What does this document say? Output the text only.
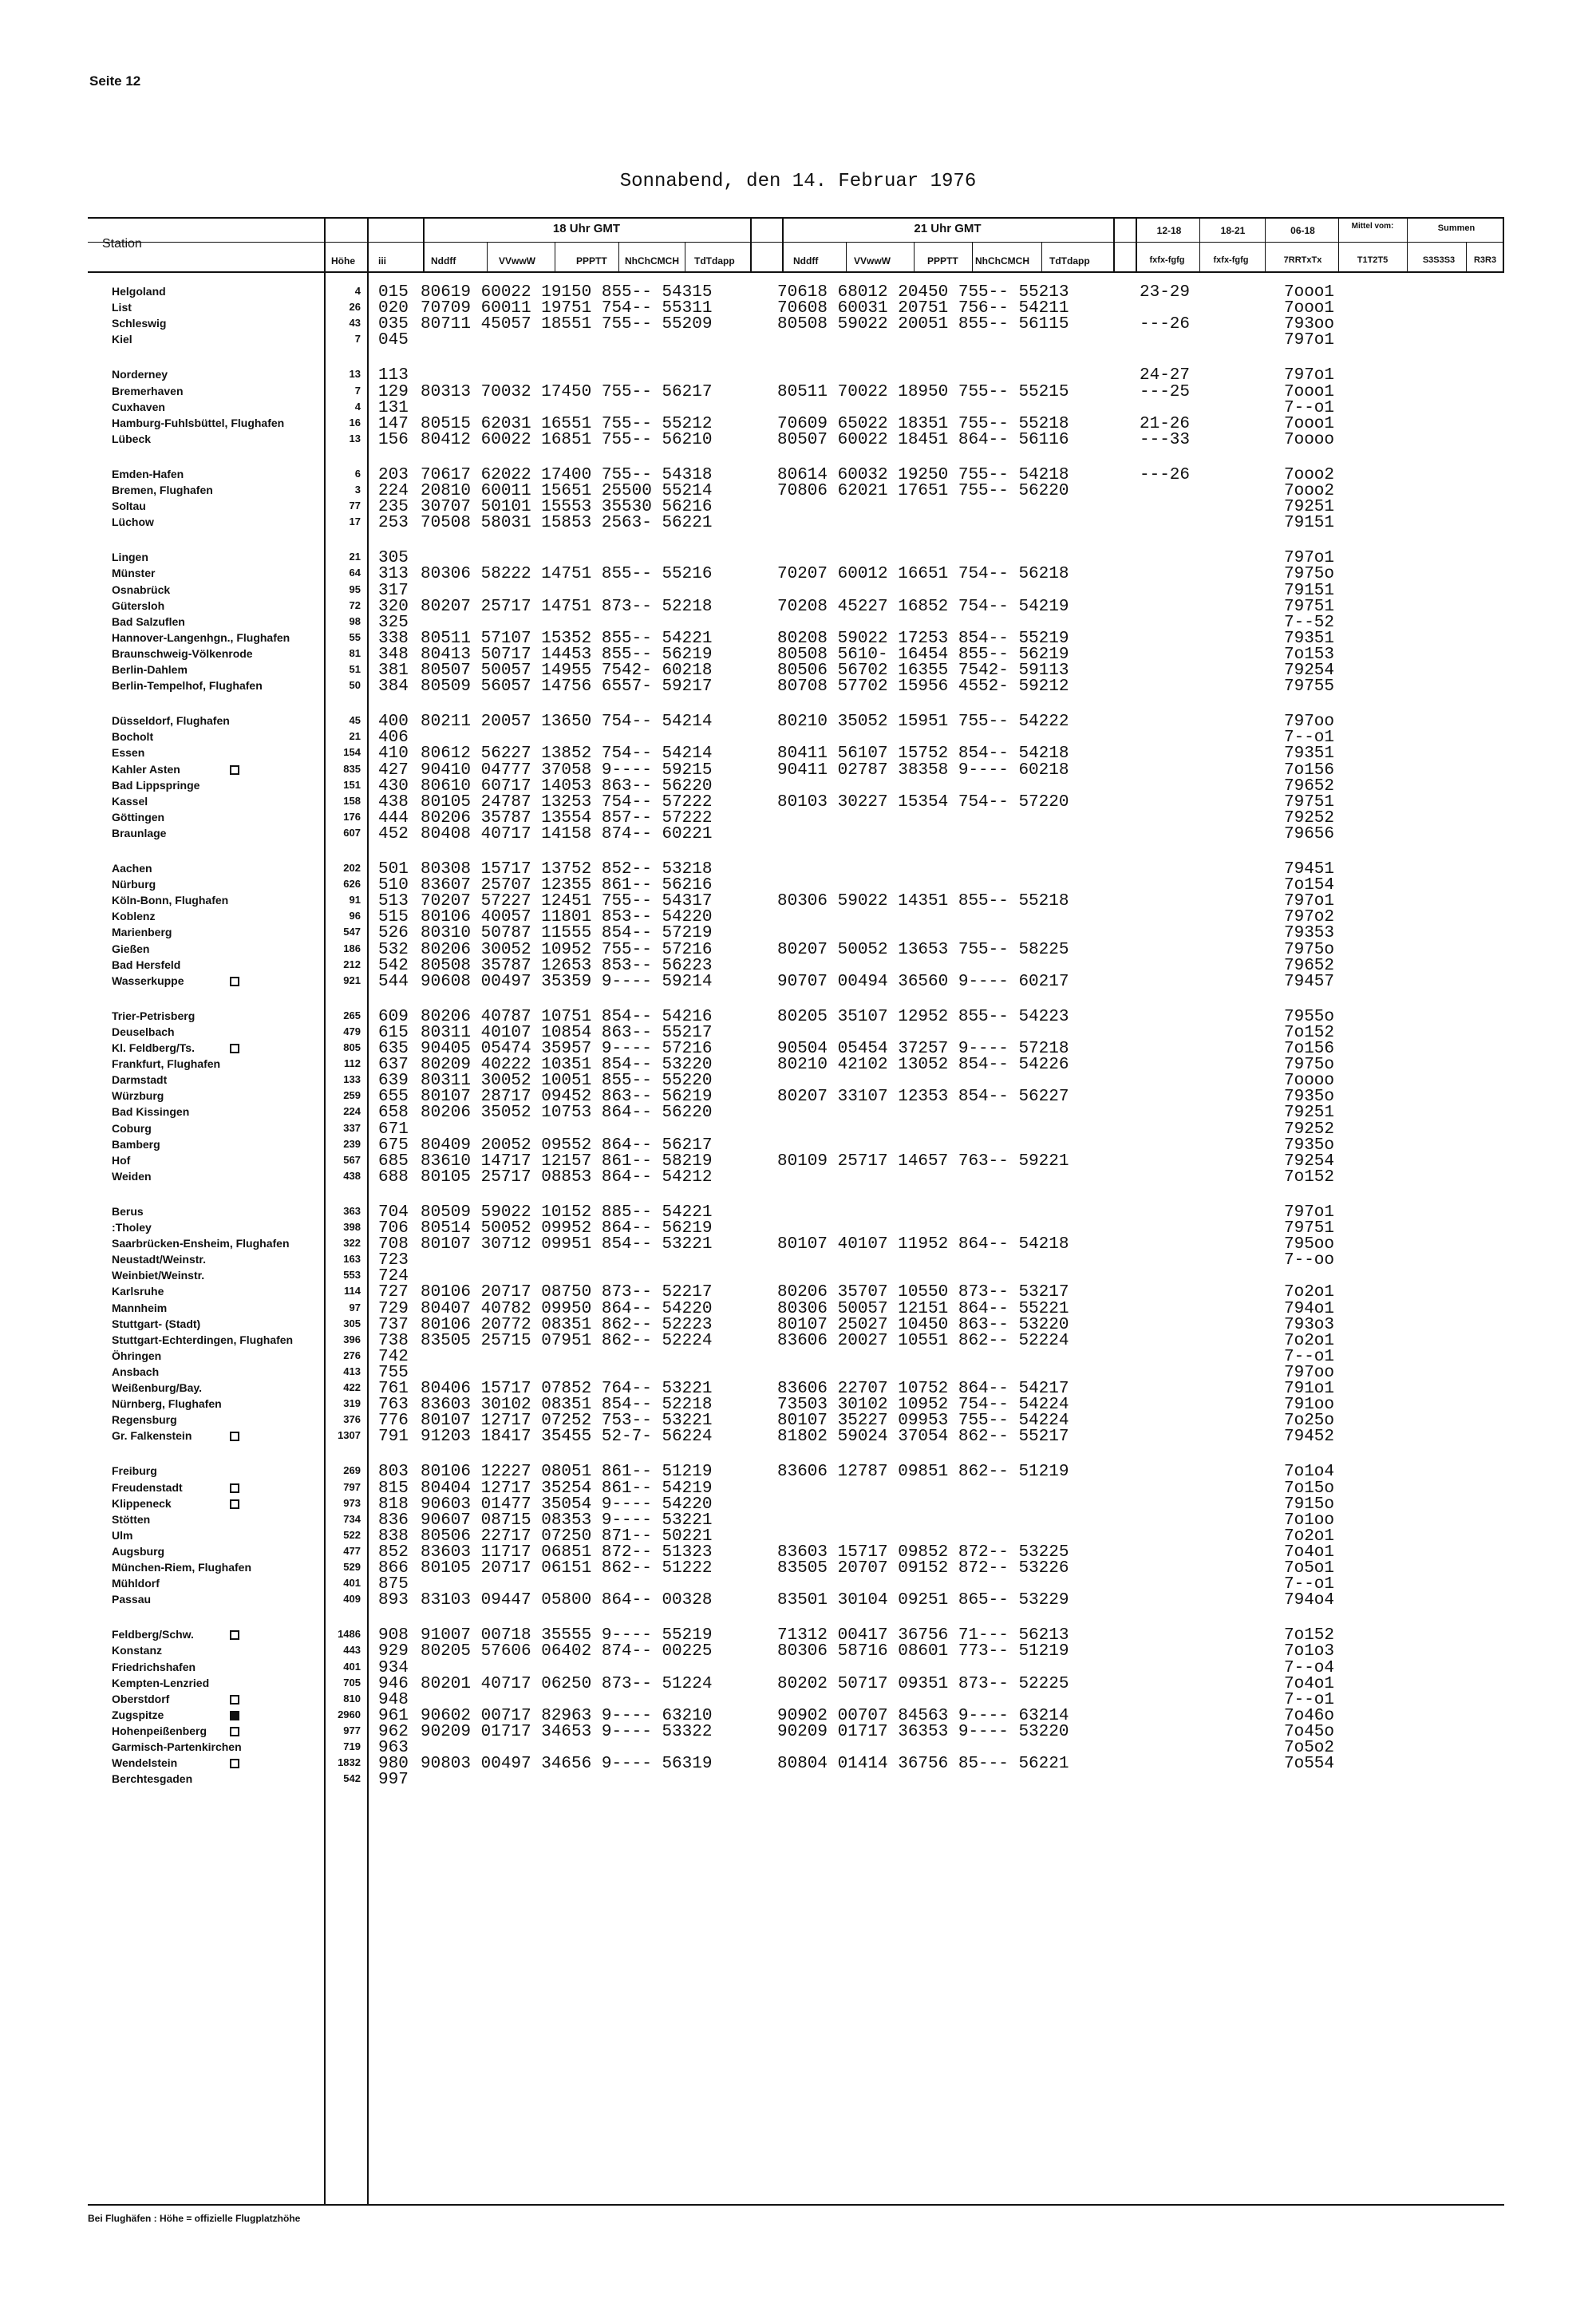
Seite 12
Sonnabend, den 14. Februar 1976
Station
Höhe iii
18 Uhr GMT
Nddff	VVwwW	PPPTT NhChCMCH TdTdapp
21 Uhr GMT
Nddff	VVwwW	PPPTT NhChCMCH TdTdapp
12-18
fxfx-fgfg
18-21
fxfx-fgfg
06-18
7RRTxTx
Mittel vom:
T1T2T5
Summen
S3S3S3	R3R3
Helgoland	4 015 80619 60022 19150 855-- 54315	70618 68012 20450 755-- 55213	23-29	7ooo1
List	26 020 70709 60011 19751 754-- 55311	70608 60031 20751 756-- 54211	7ooo1
Schleswig	43 035 80711 45057 18551 755-- 55209	80508 59022 20051 855-- 56115	---26	793oo
Kiel	7 045	797o1
Norderney	13 113	24-27	797o1
Bremerhaven	7 129 80313 70032 17450 755-- 56217	80511 70022 18950 755-- 55215	---25	7ooo1
Cuxhaven	4 131	7--o1
Hamburg-Fuhlsbüttel, Flughafen	16 147 80515 62031 16551 755-- 55212	70609 65022 18351 755-- 55218	21-26	7ooo1
Lübeck	13 156 80412 60022 16851 755-- 56210	80507 60022 18451 864-- 56116	---33	7oooo
Emden-Hafen	6 203 70617 62022 17400 755-- 54318	80614 60032 19250 755-- 54218	---26	7ooo2
Bremen, Flughafen	3 224 20810 60011 15651 25500 55214	70806 62021 17651 755-- 56220	7ooo2
Soltau	77 235 30707 50101 15553 35530 56216	79251
Lüchow	17 253 70508 58031 15853 2563- 56221	79151
Lingen	21 305	797o1
Münster	64 313 80306 58222 14751 855-- 55216	70207 60012 16651 754-- 56218	7975o
Osnabrück	95 317	79151
Gütersloh	72 320 80207 25717 14751 873-- 52218	70208 45227 16852 754-- 54219	79751
Bad Salzuflen	98 325	7--52
Hannover-Langenhgn., Flughafen	55 338 80511 57107 15352 855-- 54221	80208 59022 17253 854-- 55219	79351
Braunschweig-Völkenrode	81 348 80413 50717 14453 855-- 56219	80508 5610- 16454 855-- 56219	7o153
Berlin-Dahlem	51 381 80507 50057 14955 7542- 60218	80506 56702 16355 7542- 59113	79254
Berlin-Tempelhof, Flughafen	50 384 80509 56057 14756 6557- 59217	80708 57702 15956 4552- 59212	79755
Düsseldorf, Flughafen	45 400 80211 20057 13650 754-- 54214	80210 35052 15951 755-- 54222	797oo
Bocholt	21 406	7--o1
Essen	154 410 80612 56227 13852 754-- 54214	80411 56107 15752 854-- 54218	79351
Kahler Asten	835 427 90410 04777 37058 9---- 59215	90411 02787 38358 9---- 60218	7o156
Bad Lippspringe	151 430 80610 60717 14053 863-- 56220	79652
Kassel	158 438 80105 24787 13253 754-- 57222	80103 30227 15354 754-- 57220	79751
Göttingen	176 444 80206 35787 13554 857-- 57222	79252
Braunlage	607 452 80408 40717 14158 874-- 60221	79656
Aachen	202 501 80308 15717 13752 852-- 53218	79451
Nürburg	626 510 83607 25707 12355 861-- 56216	7o154
Köln-Bonn, Flughafen	91 513 70207 57227 12451 755-- 54317	80306 59022 14351 855-- 55218	797o1
Koblenz	96 515 80106 40057 11801 853-- 54220	797o2
Marienberg	547 526 80310 50787 11555 854-- 57219	79353
Gießen	186 532 80206 30052 10952 755-- 57216	80207 50052 13653 755-- 58225	7975o
Bad Hersfeld	212 542 80508 35787 12653 853-- 56223	79652
Wasserkuppe	921 544 90608 00497 35359 9---- 59214	90707 00494 36560 9---- 60217	79457
Trier-Petrisberg	265 609 80206 40787 10751 854-- 54216	80205 35107 12952 855-- 54223	7955o
Deuselbach	479 615 80311 40107 10854 863-- 55217	7o152
Kl. Feldberg/Ts.	805 635 90405 05474 35957 9---- 57216	90504 05454 37257 9---- 57218	7o156
Frankfurt, Flughafen	112 637 80209 40222 10351 854-- 53220	80210 42102 13052 854-- 54226	7975o
Darmstadt	133 639 80311 30052 10051 855-- 55220	7oooo
Würzburg	259 655 80107 28717 09452 863-- 56219	80207 33107 12353 854-- 56227	7935o
Bad Kissingen	224 658 80206 35052 10753 864-- 56220	79251
Coburg	337 671	79252
Bamberg	239 675 80409 20052 09552 864-- 56217	7935o
Hof	567 685 83610 14717 12157 861-- 58219	80109 25717 14657 763-- 59221	79254
Weiden	438 688 80105 25717 08853 864-- 54212	7o152
Berus	363 704 80509 59022 10152 885-- 54221	797o1
:Tholey	398 706 80514 50052 09952 864-- 56219	79751
Saarbrücken-Ensheim, Flughafen	322 708 80107 30712 09951 854-- 53221	80107 40107 11952 864-- 54218	795oo
Neustadt/Weinstr.	163 723	7--oo
Weinbiet/Weinstr.	553 724
Karlsruhe	114 727 80106 20717 08750 873-- 52217	80206 35707 10550 873-- 53217	7o2o1
Mannheim	97 729 80407 40782 09950 864-- 54220	80306 50057 12151 864-- 55221	794o1
Stuttgart- (Stadt)	305 737 80106 20772 08351 862-- 52223	80107 25027 10450 863-- 53220	793o3
Stuttgart-Echterdingen, Flughafen	396 738 83505 25715 07951 862-- 52224	83606 20027 10551 862-- 52224	7o2o1
Öhringen	276 742	7--o1
Ansbach	413 755	797oo
Weißenburg/Bay.	422 761 80406 15717 07852 764-- 53221	83606 22707 10752 864-- 54217	791o1
Nürnberg, Flughafen	319 763 83603 30102 08351 854-- 52218	73503 30102 10952 754-- 54224	791oo
Regensburg	376 776 80107 12717 07252 753-- 53221	80107 35227 09953 755-- 54224	7o25o
Gr. Falkenstein	1307 791 91203 18417 35455 52-7- 56224	81802 59024 37054 862-- 55217	79452
Freiburg	269 803 80106 12227 08051 861-- 51219	83606 12787 09851 862-- 51219	7o1o4
Freudenstadt	797 815 80404 12717 35254 861-- 54219	7o15o
Klippeneck	973 818 90603 01477 35054 9---- 54220	7915o
Stötten	734 836 90607 08715 08353 9---- 53221	7o1oo
Ulm	522 838 80506 22717 07250 871-- 50221	7o2o1
Augsburg	477 852 83603 11717 06851 872-- 51323	83603 15717 09852 872-- 53225	7o4o1
München-Riem, Flughafen	529 866 80105 20717 06151 862-- 51222	83505 20707 09152 872-- 53226	7o5o1
Mühldorf	401 875	7--o1
Passau	409 893 83103 09447 05800 864-- 00328	83501 30104 09251 865-- 53229	794o4
Feldberg/Schw.	1486 908 91007 00718 35555 9---- 55219	71312 00417 36756 71--- 56213	7o152
Konstanz	443 929 80205 57606 06402 874-- 00225	80306 58716 08601 773-- 51219	7o1o3
Friedrichshafen	401 934	7--o4
Kempten-Lenzried	705 946 80201 40717 06250 873-- 51224	80202 50717 09351 873-- 52225	7o4o1
Oberstdorf	810 948	7--o1
Zugspitze	2960 961 90602 00717 82963 9---- 63210	90902 00707 84563 9---- 63214	7o46o
Hohenpeißenberg	977 962 90209 01717 34653 9---- 53322	90209 01717 36353 9---- 53220	7o45o
Garmisch-Partenkirchen	719 963	7o5o2
Wendelstein	1832 980 90803 00497 34656 9---- 56319	80804 01414 36756 85--- 56221	7o554
Berchtesgaden	542 997
Bei Flughäfen : Höhe = offizielle Flugplatzhöhe
